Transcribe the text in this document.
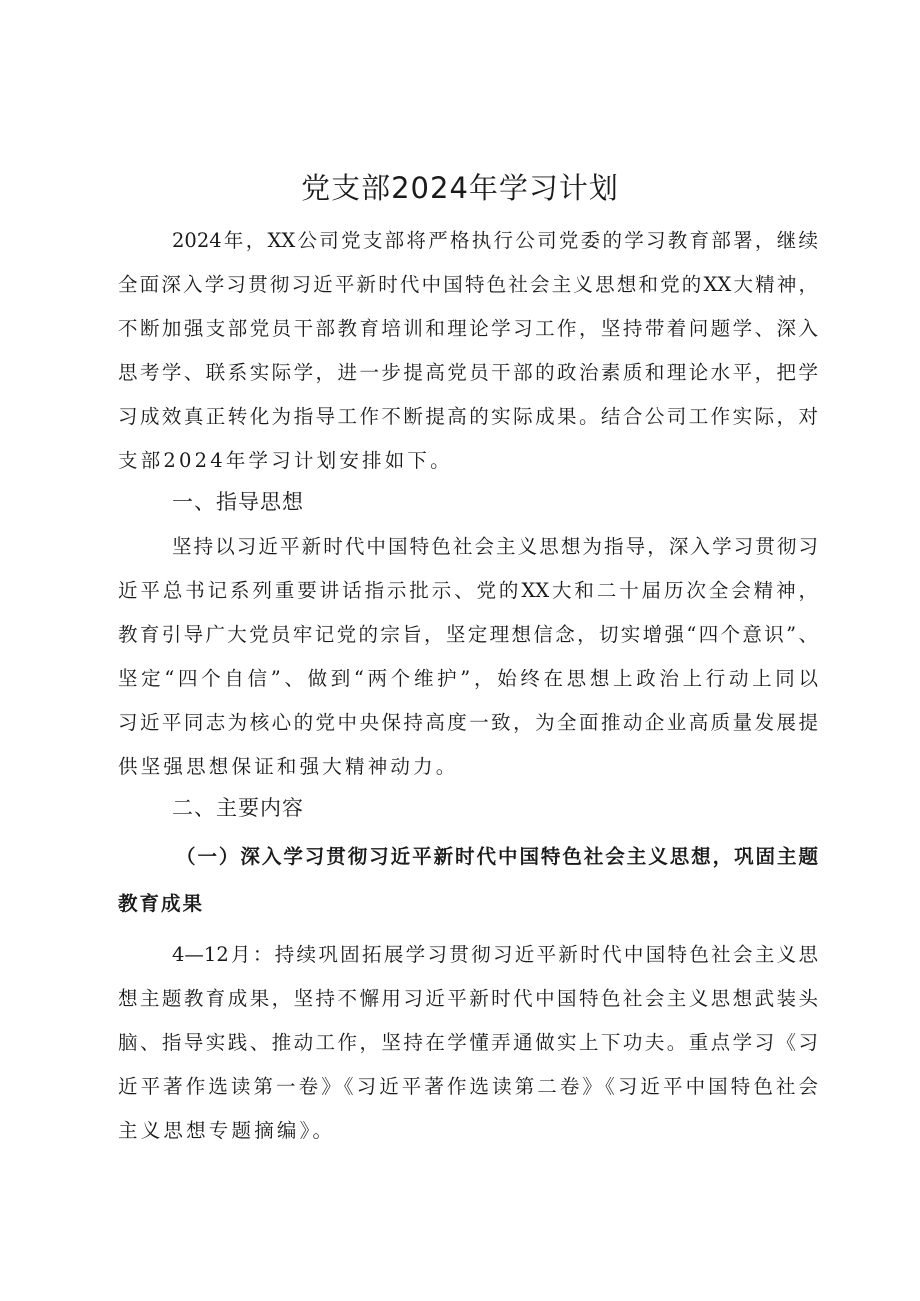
党支部2024年学习计划
2024年，XX公司党支部将严格执行公司党委的学习教育部署，继续
全面深入学习贯彻习近平新时代中国特色社会主义思想和党的XX大精神，
不断加强支部党员干部教育培训和理论学习工作，坚持带着问题学、深入
思考学、联系实际学，进一步提高党员干部的政治素质和理论水平，把学
习成效真正转化为指导工作不断提高的实际成果。结合公司工作实际，对
支部2024年学习计划安排如下。
一、指导思想
坚持以习近平新时代中国特色社会主义思想为指导，深入学习贯彻习
近平总书记系列重要讲话指示批示、党的XX大和二十届历次全会精神，
教育引导广大党员牢记党的宗旨，坚定理想信念，切实增强“四个意识”、
坚定“四个自信”、做到“两个维护”，始终在思想上政治上行动上同以
习近平同志为核心的党中央保持高度一致，为全面推动企业高质量发展提
供坚强思想保证和强大精神动力。
二、主要内容
（一）深入学习贯彻习近平新时代中国特色社会主义思想，巩固主题
教育成果
4—12月：持续巩固拓展学习贯彻习近平新时代中国特色社会主义思
想主题教育成果，坚持不懈用习近平新时代中国特色社会主义思想武装头
脑、指导实践、推动工作，坚持在学懂弄通做实上下功夫。重点学习《习
近平著作选读第一卷》《习近平著作选读第二卷》《习近平中国特色社会
主义思想专题摘编》。
